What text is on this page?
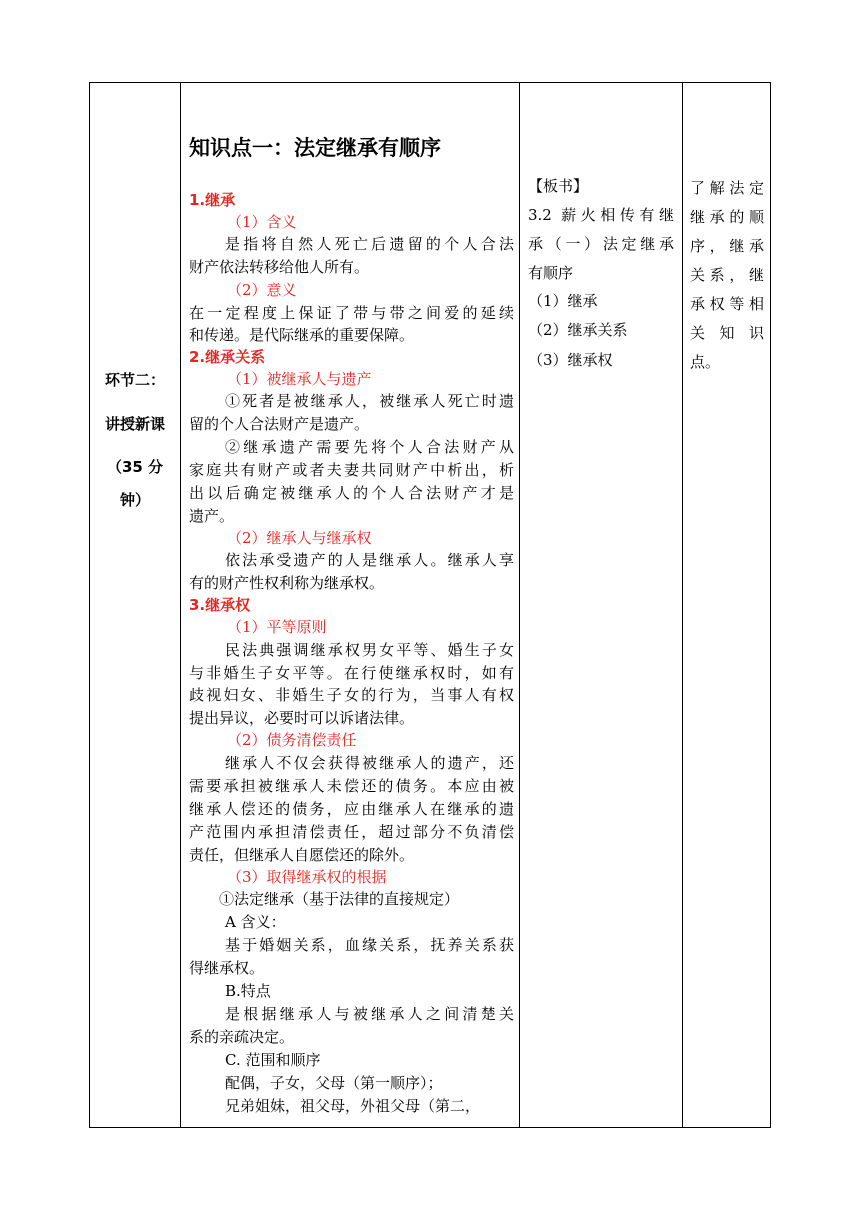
环节二：
讲授新课
（35 分
钟）
知识点一：法定继承有顺序
1.继承
（1）含义
是指将自然人死亡后遗留的个人合法
财产依法转移给他人所有。
（2）意义
在一定程度上保证了带与带之间爱的延续
和传递。是代际继承的重要保障。
2.继承关系
（1）被继承人与遗产
①死者是被继承人，被继承人死亡时遗
留的个人合法财产是遗产。
②继承遗产需要先将个人合法财产从
家庭共有财产或者夫妻共同财产中析出，析
出以后确定被继承人的个人合法财产才是
遗产。
（2）继承人与继承权
依法承受遗产的人是继承人。继承人享
有的财产性权利称为继承权。
3.继承权
（1）平等原则
民法典强调继承权男女平等、婚生子女
与非婚生子女平等。在行使继承权时，如有
歧视妇女、非婚生子女的行为，当事人有权
提出异议，必要时可以诉诸法律。
（2）债务清偿责任
继承人不仅会获得被继承人的遗产，还
需要承担被继承人未偿还的债务。本应由被
继承人偿还的债务，应由继承人在继承的遗
产范围内承担清偿责任，超过部分不负清偿
责任，但继承人自愿偿还的除外。
（3）取得继承权的根据
①法定继承（基于法律的直接规定）
A 含义：
基于婚姻关系，血缘关系，抚养关系获
得继承权。
B.特点
是根据继承人与被继承人之间清楚关
系的亲疏决定。
C. 范围和顺序
配偶，子女，父母（第一顺序）；
兄弟姐妹，祖父母，外祖父母（第二，
【板书】
3.2 薪火相传有继
承（一）法定继承
有顺序
（1）继承
（2）继承关系
（3）继承权
了解法定
继承的顺
序，继承
关系，继
承权等相
关 知 识
点。
